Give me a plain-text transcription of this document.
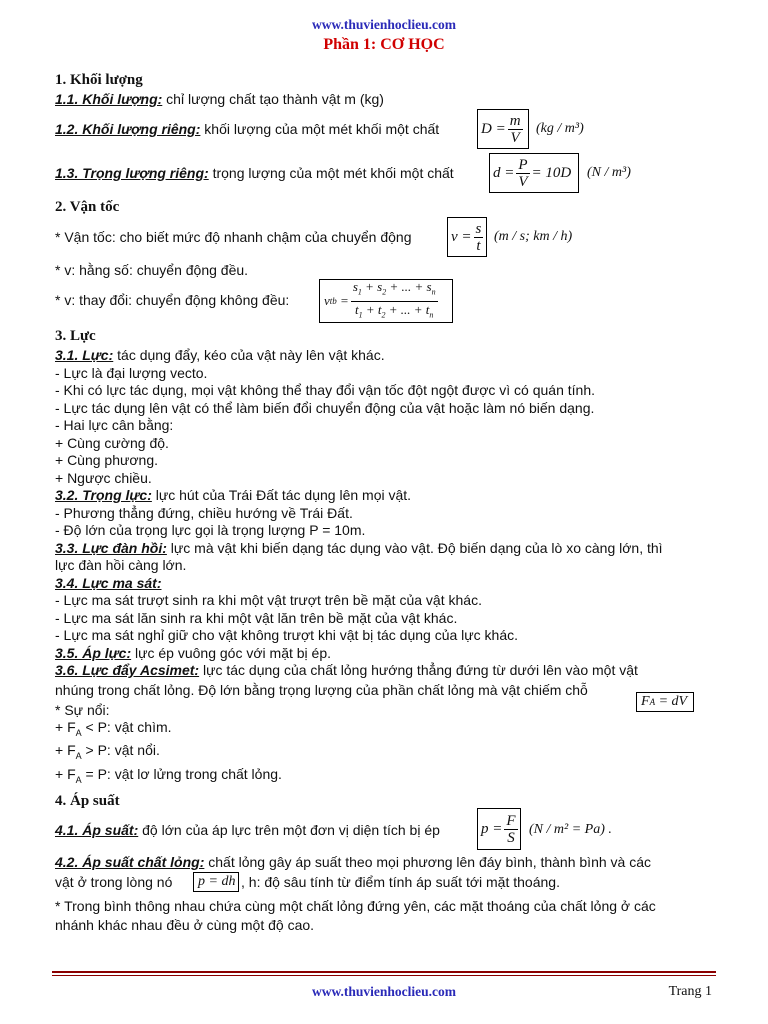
www.thuvienhoclieu.com
Phần 1: CƠ HỌC
1. Khối lượng
1.1. Khối lượng: chỉ lượng chất tạo thành vật m (kg)
1.2. Khối lượng riêng: khối lượng của một mét khối một chất	$D = \frac{m}{V} (kg / m^3)$
1.3. Trọng lượng riêng: trọng lượng của một mét khối một chất	$d = \frac{P}{V} = 10D$	(N / m³)
2. Vận tốc
* Vận tốc: cho biết mức độ nhanh chậm của chuyển động	$v = \frac{s}{t} (m / s$; km / h)
* v: hằng số: chuyển động đều.
* v: thay đổi: chuyển động không đều:	v tb = $\frac{s_1 + s_2 + ... + s_n}{t_1 + t_2 + ... + t_n}$
3. Lực
3.1. Lực: tác dụng đẩy, kéo của vật này lên vật khác.
- Lực là đại lượng vecto.
- Khi có lực tác dụng, mọi vật không thể thay đổi vận tốc đột ngột được vì có quán tính.
- Lực tác dụng lên vật có thể làm biến đổi chuyển động của vật hoặc làm nó biến dạng.
- Hai lực cân bằng:
+ Cùng cường độ.
+ Cùng phương.
+ Ngược chiều.
3.2. Trọng lực: lực hút của Trái Đất tác dụng lên mọi vật.
- Phương thẳng đứng, chiều hướng về Trái Đất.
- Độ lớn của trọng lực gọi là trọng lượng P = 10m.
3.3. Lực đàn hồi: lực mà vật khi biến dạng tác dụng vào vật. Độ biến dạng của lò xo càng lớn, thì
lực đàn hồi càng lớn.
3.4. Lực ma sát:
- Lực ma sát trượt sinh ra khi một vật trượt trên bề mặt của vật khác.
- Lực ma sát lăn sinh ra khi một vật lăn trên bề mặt của vật khác.
- Lực ma sát nghỉ giữ cho vật không trượt khi vật bị tác dụng của lực khác.
3.5. Áp lực: lực ép vuông góc với mặt bị ép.
3.6. Lực đẩy Acsimet: lực tác dụng của chất lỏng hướng thẳng đứng từ dưới lên vào một vật
nhúng trong chất lỏng. Độ lớn bằng trọng lượng của phần chất lỏng mà vật chiếm chỗ
* Sự nổi:
+ $F_A < P$: vật chìm.
+ $F_A > P$: vật nổi.
+ $F_A = P$: vật lơ lửng trong chất lỏng.
F A = dV
4. Áp suất
4.1. Áp suất: độ lớn của áp lực trên một đơn vị diện tích bị ép	$p = \frac{F}{S} (N / m^2 = Pa)$ .
4.2. Áp suất chất lỏng: chất lỏng gây áp suất theo mọi phương lên đáy bình, thành bình và các
vật ở trong lòng nó	p = dh , h: độ sâu tính từ điểm tính áp suất tới mặt thoáng.
* Trong bình thông nhau chứa cùng một chất lỏng đứng yên, các mặt thoáng của chất lỏng ở các
nhánh khác nhau đều ở cùng một độ cao.
www.thuvienhoclieu.com	Trang 1
